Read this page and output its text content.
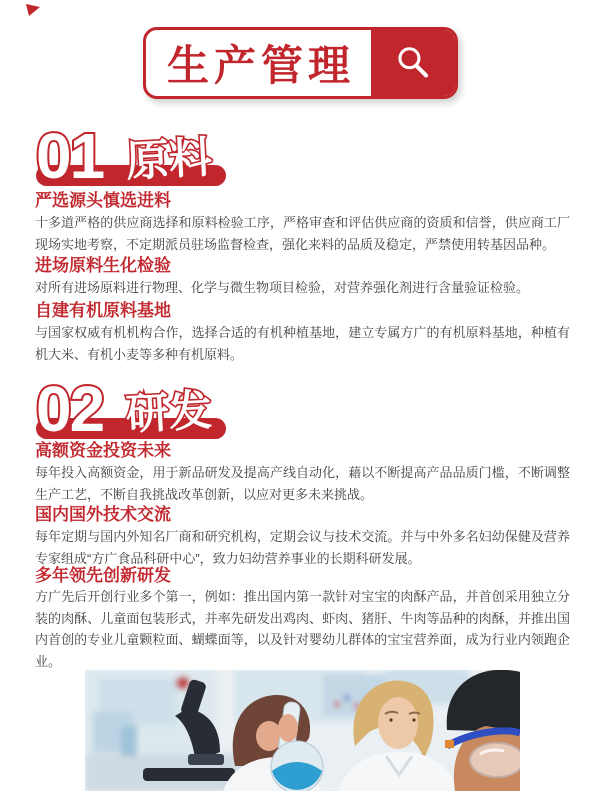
生产管理
01 原料
严选源头慎选进料
十多道严格的供应商选择和原料检验工序，严格审查和评估供应商的资质和信誉，供应商工厂现场实地考察，不定期派员驻场监督检查，强化来料的品质及稳定，严禁使用转基因品种。
进场原料生化检验
对所有进场原料进行物理、化学与微生物项目检验，对营养强化剂进行含量验证检验。
自建有机原料基地
与国家权威有机机构合作，选择合适的有机种植基地，建立专属方广的有机原料基地，种植有机大米、有机小麦等多种有机原料。
02 研发
高额资金投资未来
每年投入高额资金，用于新品研发及提高产线自动化，藉以不断提高产品品质门槛，不断调整生产工艺，不断自我挑战改革创新，以应对更多未来挑战。
国内国外技术交流
每年定期与国内外知名厂商和研究机构，定期会议与技术交流。并与中外多名妇幼保健及营养专家组成“方广食品科研中心”，致力妇幼营养事业的长期科研发展。
多年领先创新研发
方广先后开创行业多个第一，例如：推出国内第一款针对宝宝的肉酥产品，并首创采用独立分装的肉酥、儿童面包装形式，并率先研发出鸡肉、虾肉、猪肝、牛肉等品种的肉酥，并推出国内首创的专业儿童颗粒面、蝴蝶面等，以及针对婴幼儿群体的宝宝营养面，成为行业内领跑企业。
